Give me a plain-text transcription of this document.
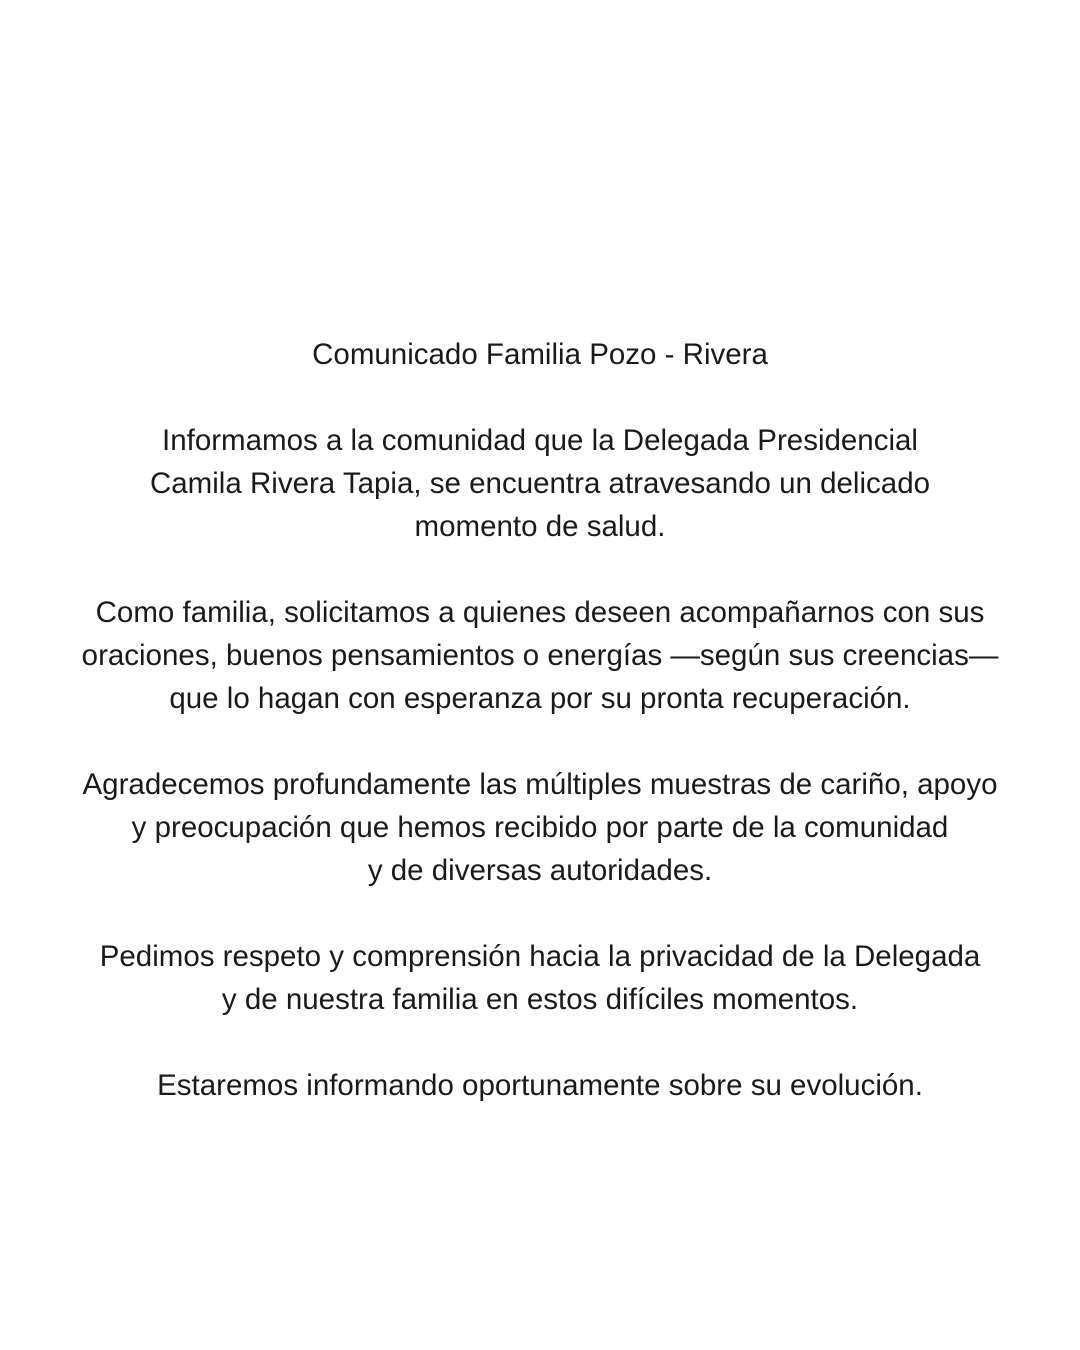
Comunicado Familia Pozo - Rivera
Informamos a la comunidad que la Delegada Presidencial
Camila Rivera Tapia, se encuentra atravesando un delicado
momento de salud.
Como familia, solicitamos a quienes deseen acompañarnos con sus
oraciones, buenos pensamientos o energías —según sus creencias—
que lo hagan con esperanza por su pronta recuperación.
Agradecemos profundamente las múltiples muestras de cariño, apoyo
y preocupación que hemos recibido por parte de la comunidad
y de diversas autoridades.
Pedimos respeto y comprensión hacia la privacidad de la Delegada
y de nuestra familia en estos difíciles momentos.
Estaremos informando oportunamente sobre su evolución.
